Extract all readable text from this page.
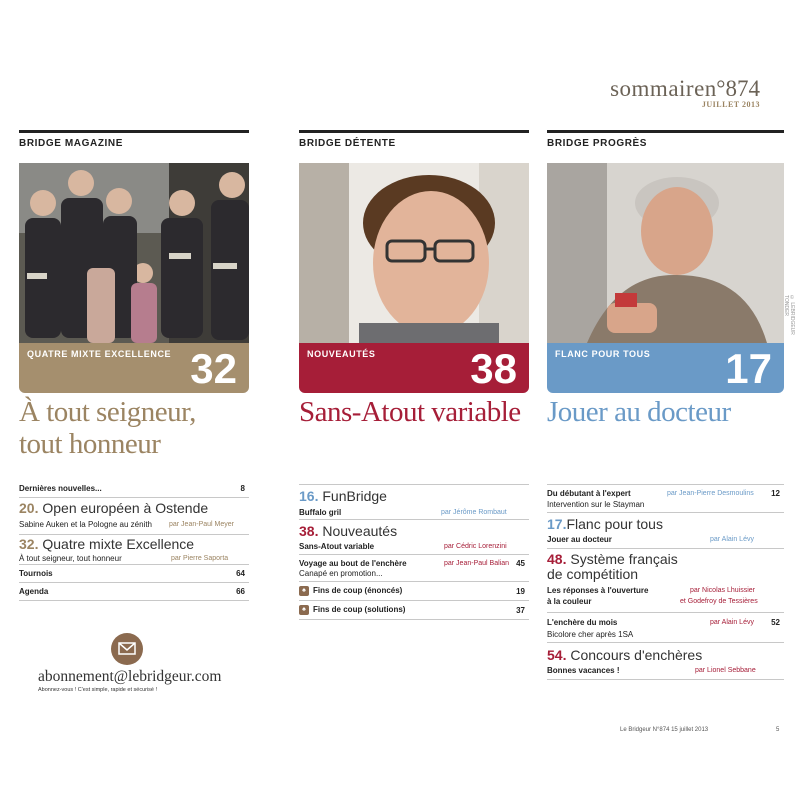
sommairen°874
JUILLET 2013
BRIDGE MAGAZINE
QUATRE MIXTE EXCELLENCE 32
À tout seigneur,
tout honneur
BRIDGE DÉTENTE
NOUVEAUTÉS 38
Sans-Atout variable
BRIDGE PROGRÈS
© LEBRIDGEUR TONDER
FLANC POUR TOUS 17
Jouer au docteur
Dernières nouvelles...	8
20. Open européen à Ostende
Sabine Auken et la Pologne au zénith par Jean-Paul Meyer
32. Quatre mixte Excellence
À tout seigneur, tout honneur	par Pierre Saporta
Tournois	64
Agenda	66
abonnement@lebridgeur.com
Abonnez-vous ! C'est simple, rapide et sécurisé !
16. FunBridge
Buffalo gril	par Jérôme Rombaut
38. Nouveautés
Sans-Atout variable	par Cédric Lorenzini
Voyage au bout de l'enchère	par Jean-Paul Balian 45
Canapé en promotion...
♠ Fins de coup (énoncés)	19
♠ Fins de coup (solutions)	37
Du débutant à l'expert	par Jean-Pierre Desmoulins 12
Intervention sur le Stayman
17.Flanc pour tous
Jouer au docteur	par Alain Lévy
48. Système français
de compétition
Les réponses à l'ouverture	par Nicolas Lhuissier
à la couleur	et Godefroy de Tessières
L'enchère du mois	par Alain Lévy 52
Bicolore cher après 1SA
54. Concours d'enchères
Bonnes vacances !	par Lionel Sebbane
Le Bridgeur N°874 15 juillet 2013	5
